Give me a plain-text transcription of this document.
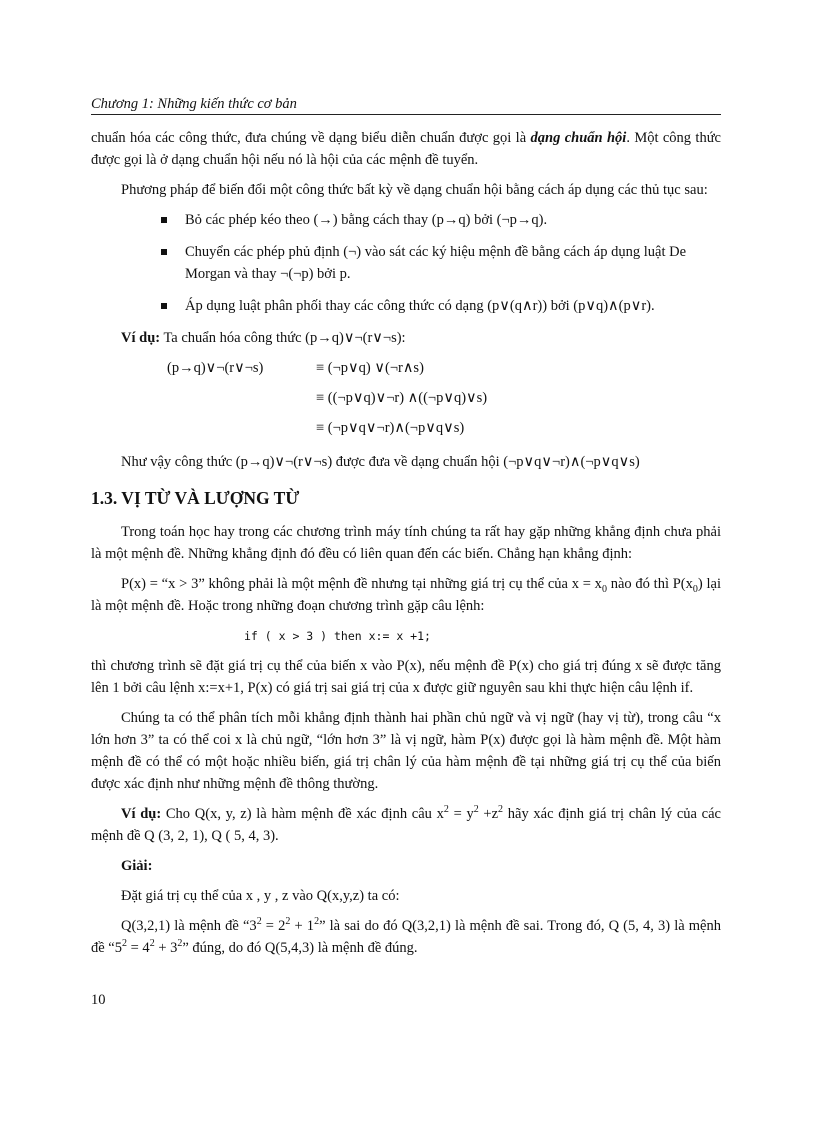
Chương 1: Những kiến thức cơ bản

chuẩn hóa các công thức, đưa chúng về dạng biểu diễn chuẩn được gọi là dạng chuẩn hội. Một công thức được gọi là ở dạng chuẩn hội nếu nó là hội của các mệnh đề tuyển.

Phương pháp để biến đổi một công thức bất kỳ về dạng chuẩn hội bằng cách áp dụng các thủ tục sau:

Bỏ các phép kéo theo (→) bằng cách thay (p→q) bởi (¬p→q).
Chuyển các phép phủ định (¬) vào sát các ký hiệu mệnh đề bằng cách áp dụng luật De Morgan và thay ¬(¬p) bởi p.
Áp dụng luật phân phối thay các công thức có dạng (p∨(q∧r)) bởi (p∨q)∧(p∨r).

Ví dụ: Ta chuẩn hóa công thức (p→q)∨¬(r∨¬s):

(p→q)∨¬(r∨¬s)	≡ (¬p∨q) ∨(¬r∧s)
≡ ((¬p∨q)∨¬r) ∧((¬p∨q)∨s)
≡ (¬p∨q∨¬r)∧(¬p∨q∨s)

Như vậy công thức (p→q)∨¬(r∨¬s) được đưa về dạng chuẩn hội (¬p∨q∨¬r)∧(¬p∨q∨s)

1.3. VỊ TỪ VÀ LƯỢNG TỪ

Trong toán học hay trong các chương trình máy tính chúng ta rất hay gặp những khẳng định chưa phải là một mệnh đề. Những khẳng định đó đều có liên quan đến các biến. Chẳng hạn khẳng định:

P(x) = “x > 3” không phải là một mệnh đề nhưng tại những giá trị cụ thể của $x = x_0$ nào đó thì $P(x_0)$ lại là một mệnh đề. Hoặc trong những đoạn chương trình gặp câu lệnh:

if ( x > 3 ) then x:= x +1;

thì chương trình sẽ đặt giá trị cụ thể của biến x vào P(x), nếu mệnh đề P(x) cho giá trị đúng x sẽ được tăng lên 1 bởi câu lệnh x:=x+1, P(x) có giá trị sai giá trị của x được giữ nguyên sau khi thực hiện câu lệnh if.

Chúng ta có thể phân tích mỗi khẳng định thành hai phần chủ ngữ và vị ngữ (hay vị từ), trong câu “x lớn hơn 3” ta có thể coi x là chủ ngữ, “lớn hơn 3” là vị ngữ, hàm P(x) được gọi là hàm mệnh đề. Một hàm mệnh đề có thể có một hoặc nhiều biến, giá trị chân lý của hàm mệnh đề tại những giá trị cụ thể của biến được xác định như những mệnh đề thông thường.

Ví dụ: Cho Q(x, y, z) là hàm mệnh đề xác định câu $x^2 = y^2 +z^2$ hãy xác định giá trị chân lý của các mệnh đề Q (3, 2, 1), Q ( 5, 4, 3).

Giải:

Đặt giá trị cụ thể của x , y , z vào Q(x,y,z) ta có:

Q(3,2,1) là mệnh đề “$3^2 = 2^2 + 1^2$” là sai do đó Q(3,2,1) là mệnh đề sai. Trong đó, Q (5, 4, 3) là mệnh đề “$5^2 = 4^2 + 3^2$” đúng, do đó Q(5,4,3) là mệnh đề đúng.

10
